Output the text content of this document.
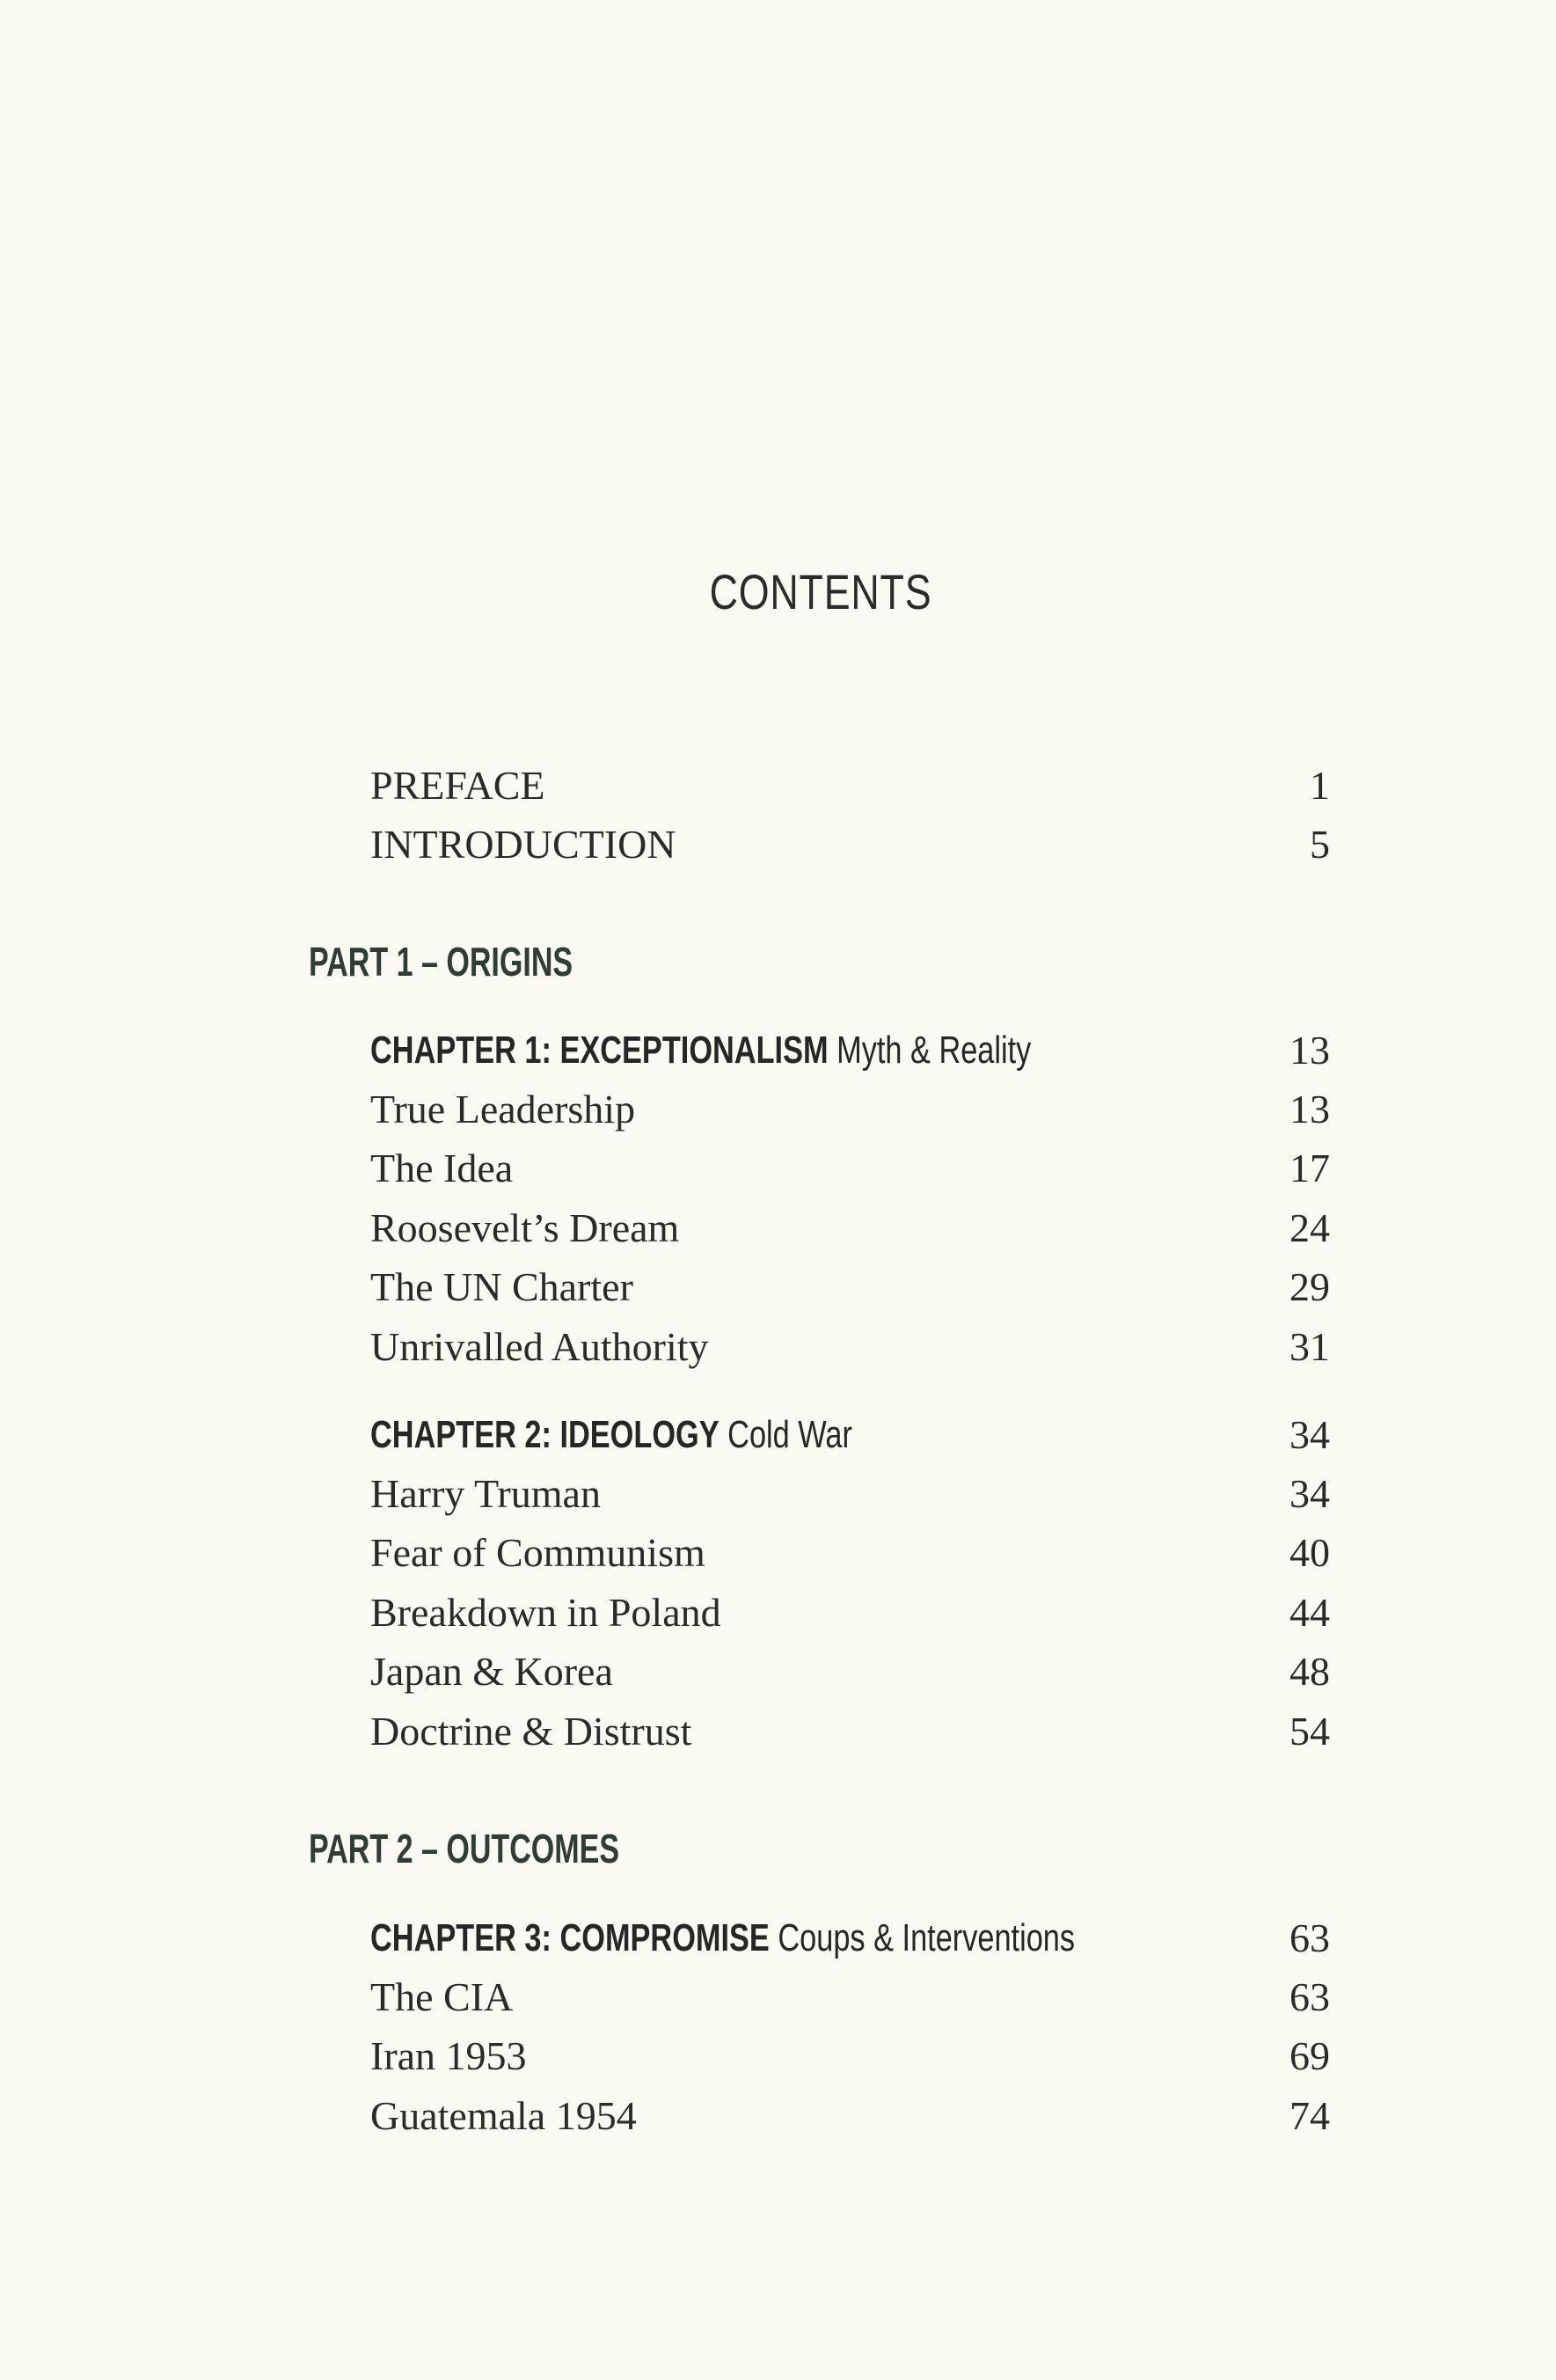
CONTENTS
PREFACE	1
INTRODUCTION	5
PART 1 – ORIGINS
CHAPTER 1: EXCEPTIONALISM Myth & Reality	13
True Leadership	13
The Idea	17
Roosevelt’s Dream	24
The UN Charter	29
Unrivalled Authority	31
CHAPTER 2: IDEOLOGY Cold War	34
Harry Truman	34
Fear of Communism	40
Breakdown in Poland	44
Japan & Korea	48
Doctrine & Distrust	54
PART 2 – OUTCOMES
CHAPTER 3: COMPROMISE Coups & Interventions	63
The CIA	63
Iran 1953	69
Guatemala 1954	74
